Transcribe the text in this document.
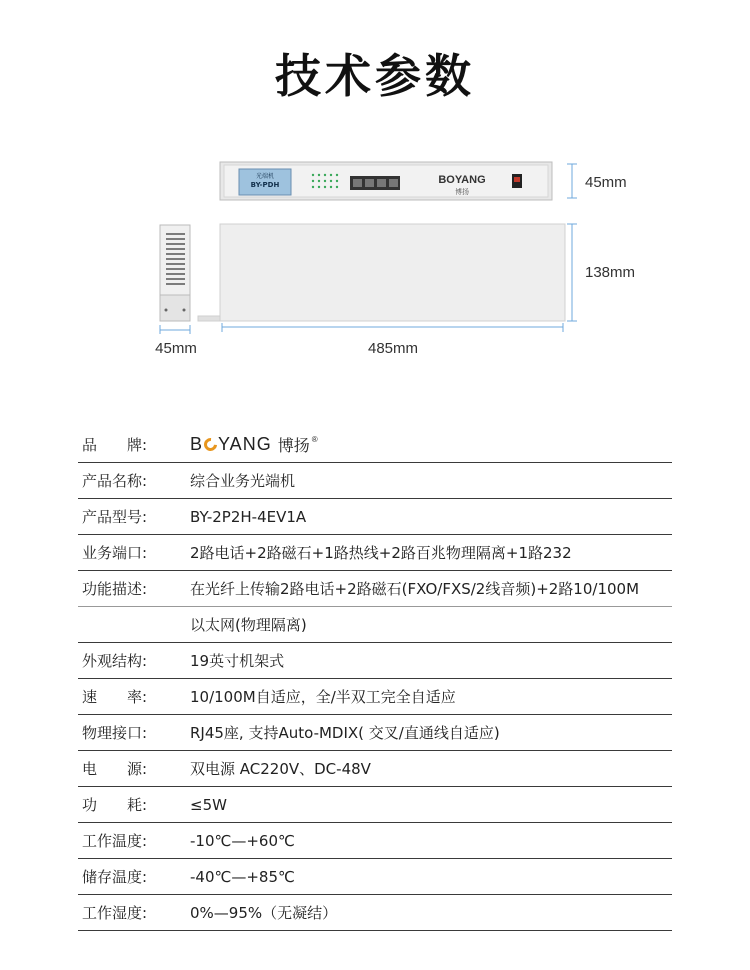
技术参数
光端机
BY-PDH	BOYANG
博扬
45mm
45mm
138mm
485mm
品　　牌:	B YANG 博扬 ®

产品名称:	综合业务光端机
产品型号:	BY-2P2H-4EV1A
业务端口:	2路电话+2路磁石+1路热线+2路百兆物理隔离+1路232
功能描述:	在光纤上传输2路电话+2路磁石(FXO/FXS/2线音频)+2路10/100M
	以太网(物理隔离)
外观结构:	19英寸机架式
速　　率:	10/100M自适应，全/半双工完全自适应
物理接口:	RJ45座, 支持Auto-MDIX( 交叉/直通线自适应)
电　　源:	双电源 AC220V、DC-48V
功　　耗:	≤5W
工作温度:	-10℃—+60℃
储存温度:	-40℃—+85℃
工作湿度:	0%—95%（无凝结）
